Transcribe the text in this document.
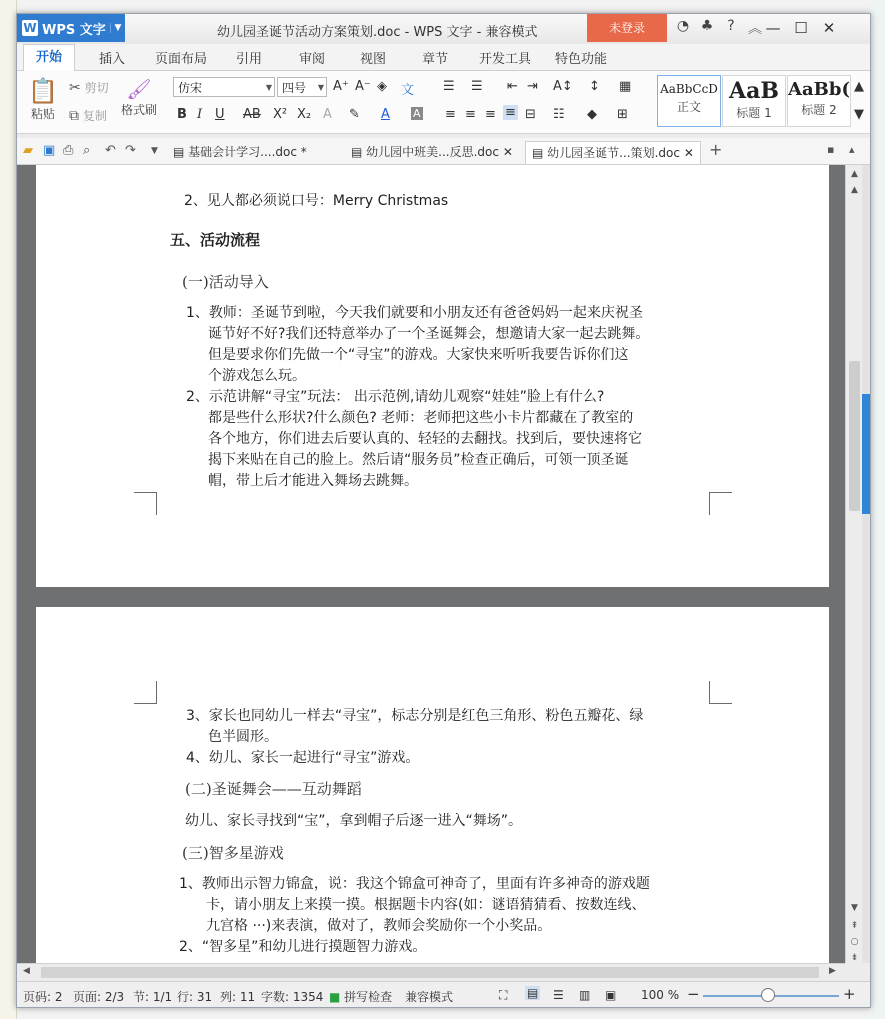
W WPS 文字 ▼	幼儿园圣诞节活动方案策划.doc - WPS 文字 - 兼容模式	未登录	◔ ♣	? ︽ — ☐ ✕
开始	插入 页面布局 引用	审阅	视图	章节 开发工具 特色功能
📋
粘贴
✂ 剪切
⧉ 复制
🖌
格式刷
仿宋	▼ 四号 ▼ A⁺ A⁻ ◈ 文
B I U AB X² X₂ A ✎ A A
☰ ☰ ⇤ ⇥ A↕ ↕ ▦
≡ ≡ ≡ ≡ ⊟ ☷ ◆ ⊞
AaBbCcD
正文
AaB
标题 1
AaBb(
标题 2
▲
▼
▰ ▣ ⎙ ⌕ ↶ ↷ ▼ ▤ 基础会计学习....doc *	▤ 幼儿园中班美...反思.doc ✕	▤ 幼儿园圣诞节...策划.doc ✕ +	▪ ▴
2、见人都必须说口号：Merry Christmas
五、活动流程
(一)活动导入
1、教师：圣诞节到啦，今天我们就要和小朋友还有爸爸妈妈一起来庆祝圣
诞节好不好?我们还特意举办了一个圣诞舞会，想邀请大家一起去跳舞。
但是要求你们先做一个“寻宝”的游戏。大家快来听听我要告诉你们这
个游戏怎么玩。
2、示范讲解“寻宝”玩法： 出示范例,请幼儿观察“娃娃”脸上有什么?
都是些什么形状?什么颜色? 老师：老师把这些小卡片都藏在了教室的
各个地方，你们进去后要认真的、轻轻的去翻找。找到后，要快速将它
揭下来贴在自己的脸上。然后请“服务员”检查正确后，可领一顶圣诞
帽，带上后才能进入舞场去跳舞。
3、家长也同幼儿一样去“寻宝”，标志分别是红色三角形、粉色五瓣花、绿
色半圆形。
4、幼儿、家长一起进行“寻宝”游戏。
(二)圣诞舞会——互动舞蹈
幼儿、家长寻找到“宝”，拿到帽子后逐一进入“舞场”。
(三)智多星游戏
1、教师出示智力锦盒，说：我这个锦盒可神奇了，里面有许多神奇的游戏题
卡，请小朋友上来摸一摸。根据题卡内容(如：谜语猜猜看、按数连线、
九宫格 ···)来表演，做对了，教师会奖励你一个小奖品。
2、“智多星”和幼儿进行摸题智力游戏。
▲
▲
▼
⇞
○
⇟
◀	▶
页码: 2 页面: 2/3 节: 1/1 行: 31 列: 11 字数: 1354 ■ 拼写检查 兼容模式	⛶ ▤ ☰ ▥ ▣ 100 % −	+
